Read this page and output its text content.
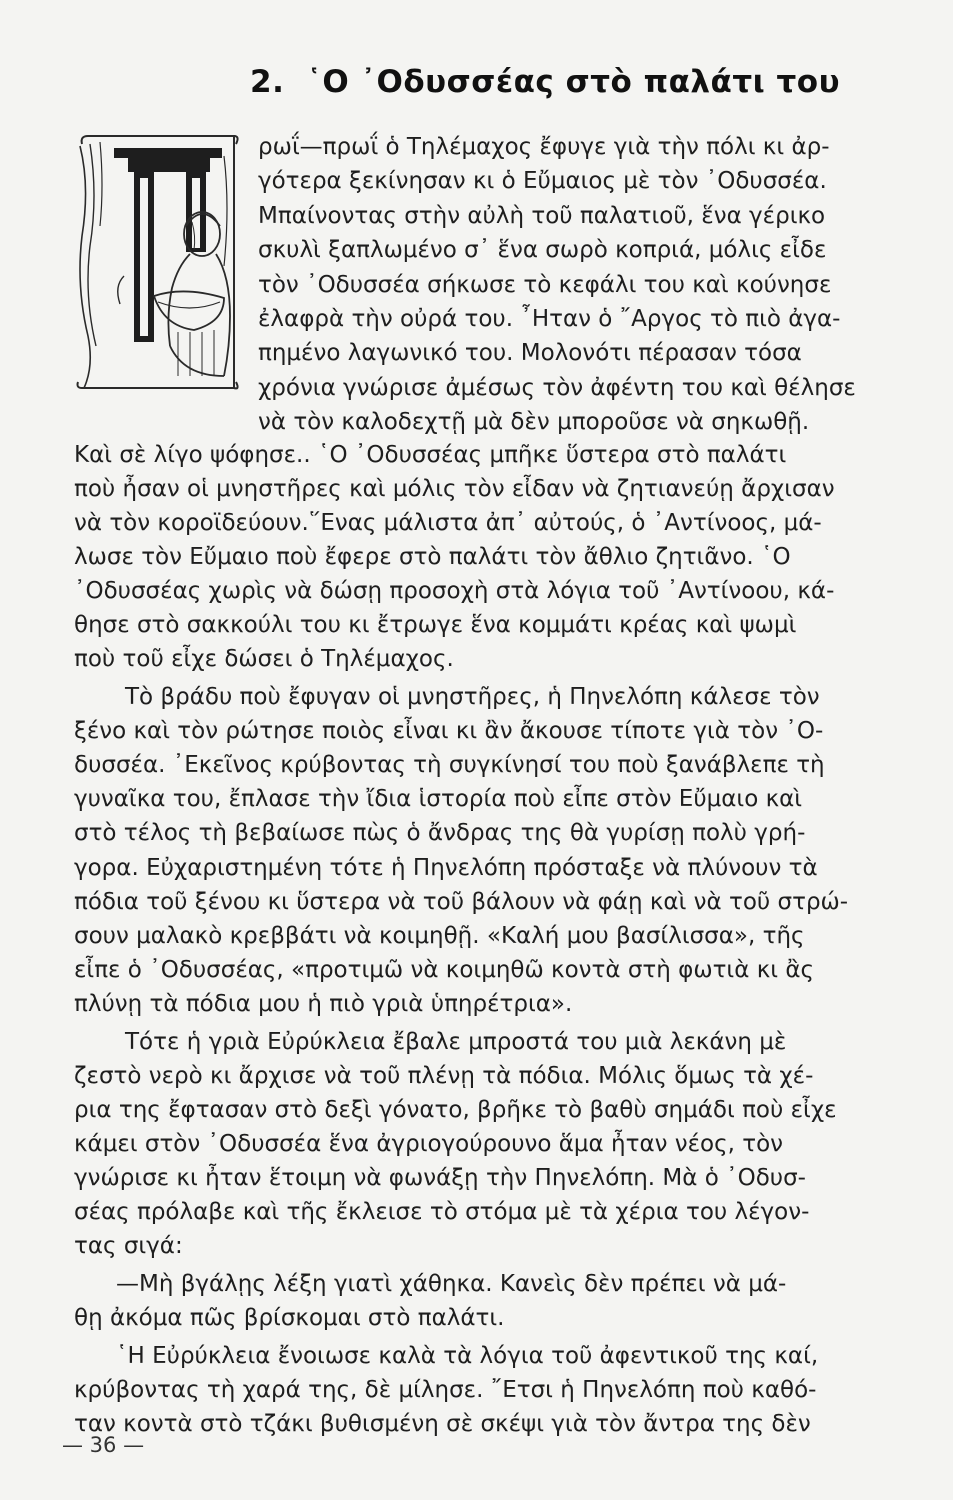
2. ῾Ο ᾿Οδυσσέας στὸ παλάτι του
ρωΐ—πρωΐ ὁ Τηλέμαχος ἔφυγε γιὰ τὴν πόλι κι ἀρ-
γότερα ξεκίνησαν κι ὁ Εὔμαιος μὲ τὸν ᾿Οδυσσέα.
Μπαίνοντας στὴν αὐλὴ τοῦ παλατιοῦ, ἕνα γέρικο
σκυλὶ ξαπλωμένο σ᾿ ἕνα σωρὸ κοπριά, μόλις εἶδε
τὸν ᾿Οδυσσέα σήκωσε τὸ κεφάλι του καὶ κούνησε
ἐλαφρὰ τὴν οὐρά του. ῏Ηταν ὁ ῎Αργος τὸ πιὸ ἀγα-
πημένο λαγωνικό του. Μολονότι πέρασαν τόσα
χρόνια γνώρισε ἀμέσως τὸν ἀφέντη του καὶ θέλησε
νὰ τὸν καλοδεχτῇ μὰ δὲν μποροῦσε νὰ σηκωθῇ.
Καὶ σὲ λίγο ψόφησε.. ῾Ο ᾿Οδυσσέας μπῆκε ὕστερα στὸ παλάτι
ποὺ ἦσαν οἱ μνηστῆρες καὶ μόλις τὸν εἶδαν νὰ ζητιανεύῃ ἄρχισαν
νὰ τὸν κοροϊδεύουν.῞Ενας μάλιστα ἀπ᾿ αὐτούς, ὁ ᾿Αντίνοος, μά-
λωσε τὸν Εὔμαιο ποὺ ἔφερε στὸ παλάτι τὸν ἄθλιο ζητιᾶνο. ῾Ο
᾿Οδυσσέας χωρὶς νὰ δώσῃ προσοχὴ στὰ λόγια τοῦ ᾿Αντίνοου, κά-
θησε στὸ σακκούλι του κι ἔτρωγε ἕνα κομμάτι κρέας καὶ ψωμὶ
ποὺ τοῦ εἶχε δώσει ὁ Τηλέμαχος.
Τὸ βράδυ ποὺ ἔφυγαν οἱ μνηστῆρες, ἡ Πηνελόπη κάλεσε τὸν
ξένο καὶ τὸν ρώτησε ποιὸς εἶναι κι ἂν ἄκουσε τίποτε γιὰ τὸν ᾿Ο-
δυσσέα. ᾿Εκεῖνος κρύβοντας τὴ συγκίνησί του ποὺ ξανάβλεπε τὴ
γυναῖκα του, ἔπλασε τὴν ἴδια ἱστορία ποὺ εἶπε στὸν Εὔμαιο καὶ
στὸ τέλος τὴ βεβαίωσε πὼς ὁ ἄνδρας της θὰ γυρίσῃ πολὺ γρή-
γορα. Εὐχαριστημένη τότε ἡ Πηνελόπη πρόσταξε νὰ πλύνουν τὰ
πόδια τοῦ ξένου κι ὕστερα νὰ τοῦ βάλουν νὰ φάῃ καὶ νὰ τοῦ στρώ-
σουν μαλακὸ κρεββάτι νὰ κοιμηθῇ. «Καλή μου βασίλισσα», τῆς
εἶπε ὁ ᾿Οδυσσέας, «προτιμῶ νὰ κοιμηθῶ κοντὰ στὴ φωτιὰ κι ἂς
πλύνῃ τὰ πόδια μου ἡ πιὸ γριὰ ὑπηρέτρια».
Τότε ἡ γριὰ Εὐρύκλεια ἔβαλε μπροστά του μιὰ λεκάνη μὲ
ζεστὸ νερὸ κι ἄρχισε νὰ τοῦ πλένῃ τὰ πόδια. Μόλις ὅμως τὰ χέ-
ρια της ἔφτασαν στὸ δεξὶ γόνατο, βρῆκε τὸ βαθὺ σημάδι ποὺ εἶχε
κάμει στὸν ᾿Οδυσσέα ἕνα ἀγριογούρουνο ἅμα ἦταν νέος, τὸν
γνώρισε κι ἦταν ἕτοιμη νὰ φωνάξῃ τὴν Πηνελόπη. Μὰ ὁ ᾿Οδυσ-
σέας πρόλαβε καὶ τῆς ἔκλεισε τὸ στόμα μὲ τὰ χέρια του λέγον-
τας σιγά:
—Μὴ βγάλῃς λέξη γιατὶ χάθηκα. Κανεὶς δὲν πρέπει νὰ μά-
θῃ ἀκόμα πῶς βρίσκομαι στὸ παλάτι.
῾Η Εὐρύκλεια ἔνοιωσε καλὰ τὰ λόγια τοῦ ἀφεντικοῦ της καί,
κρύβοντας τὴ χαρά της, δὲ μίλησε. ῎Ετσι ἡ Πηνελόπη ποὺ καθό-
ταν κοντὰ στὸ τζάκι βυθισμένη σὲ σκέψι γιὰ τὸν ἄντρα της δὲν
— 36 —
